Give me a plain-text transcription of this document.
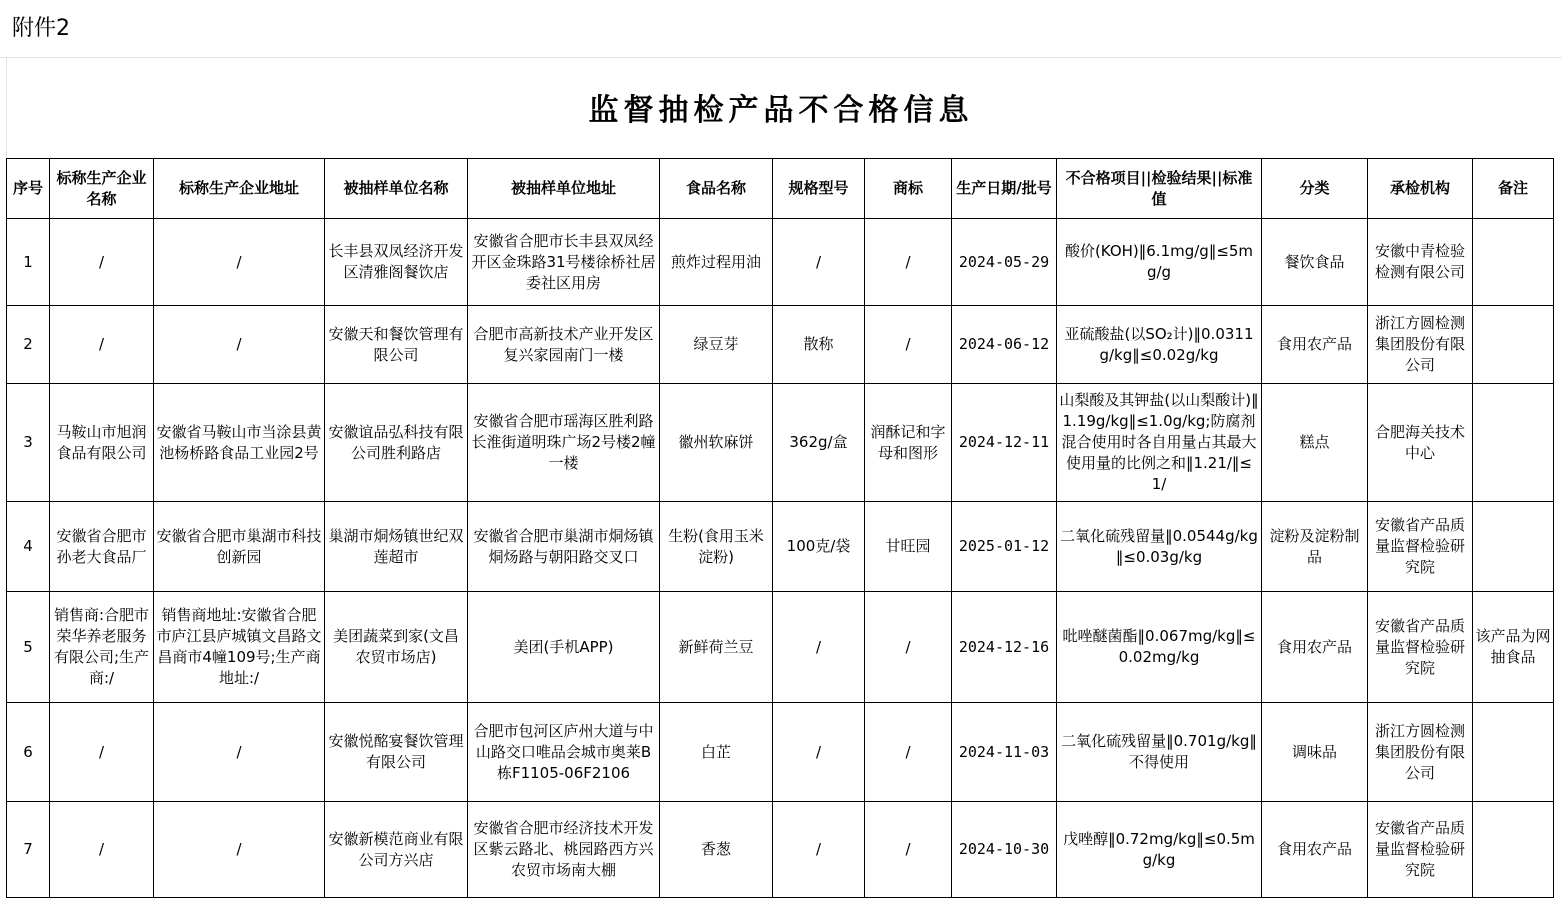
附件2
监督抽检产品不合格信息
序号	标称生产企业名称	标称生产企业地址	被抽样单位名称	被抽样单位地址	食品名称	规格型号	商标	生产日期/批号	不合格项目||检验结果||标准值	分类	承检机构	备注
1	/	/	长丰县双凤经济开发区清雅阁餐饮店	安徽省合肥市长丰县双凤经开区金珠路31号楼徐桥社居委社区用房	煎炸过程用油	/	/	2024-05-29	酸价(KOH)‖6.1mg/g‖≤5mg/g	餐饮食品	安徽中青检验检测有限公司	
2	/	/	安徽天和餐饮管理有限公司	合肥市高新技术产业开发区复兴家园南门一楼	绿豆芽	散称	/	2024-06-12	亚硫酸盐(以SO₂计)‖0.0311g/kg‖≤0.02g/kg	食用农产品	浙江方圆检测集团股份有限公司	
3	马鞍山市旭润食品有限公司	安徽省马鞍山市当涂县黄池杨桥路食品工业园2号	安徽谊品弘科技有限公司胜利路店	安徽省合肥市瑶海区胜利路长淮街道明珠广场2号楼2幢一楼	徽州软麻饼	362g/盒	润酥记和字母和图形	2024-12-11	山梨酸及其钾盐(以山梨酸计)‖1.19g/kg‖≤1.0g/kg;防腐剂混合使用时各自用量占其最大使用量的比例之和‖1.21/‖≤1/	糕点	合肥海关技术中心	
4	安徽省合肥市孙老大食品厂	安徽省合肥市巢湖市科技创新园	巢湖市烔炀镇世纪双莲超市	安徽省合肥市巢湖市烔炀镇烔炀路与朝阳路交叉口	生粉(食用玉米淀粉)	100克/袋	甘旺园	2025-01-12	二氧化硫残留量‖0.0544g/kg‖≤0.03g/kg	淀粉及淀粉制品	安徽省产品质量监督检验研究院	
5	销售商:合肥市荣华养老服务有限公司;生产商:/	销售商地址:安徽省合肥市庐江县庐城镇文昌路文昌商市4幢109号;生产商地址:/	美团蔬菜到家(文昌农贸市场店)	美团(手机APP)	新鲜荷兰豆	/	/	2024-12-16	吡唑醚菌酯‖0.067mg/kg‖≤0.02mg/kg	食用农产品	安徽省产品质量监督检验研究院	该产品为网抽食品
6	/	/	安徽悦酩宴餐饮管理有限公司	合肥市包河区庐州大道与中山路交口唯品会城市奥莱B栋F1105-06F2106	白芷	/	/	2024-11-03	二氧化硫残留量‖0.701g/kg‖不得使用	调味品	浙江方圆检测集团股份有限公司	
7	/	/	安徽新模范商业有限公司方兴店	安徽省合肥市经济技术开发区紫云路北、桃园路西方兴农贸市场南大棚	香葱	/	/	2024-10-30	戊唑醇‖0.72mg/kg‖≤0.5mg/kg	食用农产品	安徽省产品质量监督检验研究院	
